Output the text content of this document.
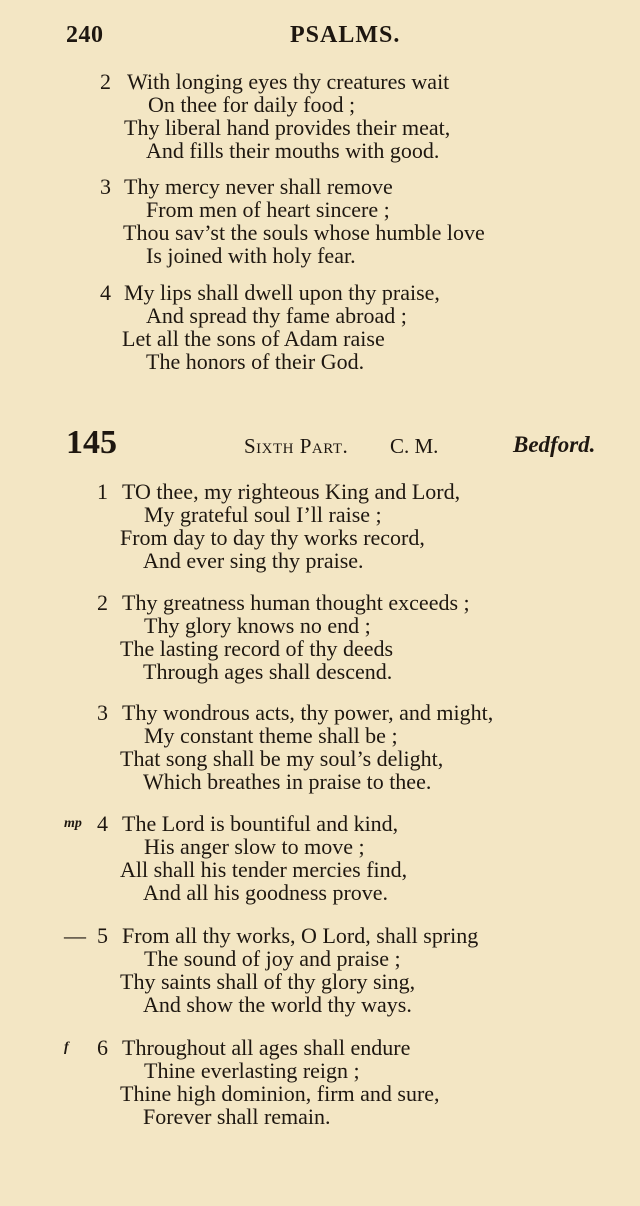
240	PSALMS.
2 With longing eyes thy creatures wait
On thee for daily food ;
Thy liberal hand provides their meat,
And fills their mouths with good.
3 Thy mercy never shall remove
From men of heart sincere ;
Thou sav’st the souls whose humble love
Is joined with holy fear.
4 My lips shall dwell upon thy praise,
And spread thy fame abroad ;
Let all the sons of Adam raise
The honors of their God.
145	Sixth Part. C. M.	Bedford.
1 TO thee, my righteous King and Lord,
My grateful soul I’ll raise ;
From day to day thy works record,
And ever sing thy praise.
2 Thy greatness human thought exceeds ;
Thy glory knows no end ;
The lasting record of thy deeds
Through ages shall descend.
3 Thy wondrous acts, thy power, and might,
My constant theme shall be ;
That song shall be my soul’s delight,
Which breathes in praise to thee.
mp 4 The Lord is bountiful and kind,
His anger slow to move ;
All shall his tender mercies find,
And all his goodness prove.
— 5 From all thy works, O Lord, shall spring
The sound of joy and praise ;
Thy saints shall of thy glory sing,
And show the world thy ways.
f 6 Throughout all ages shall endure
Thine everlasting reign ;
Thine high dominion, firm and sure,
Forever shall remain.
